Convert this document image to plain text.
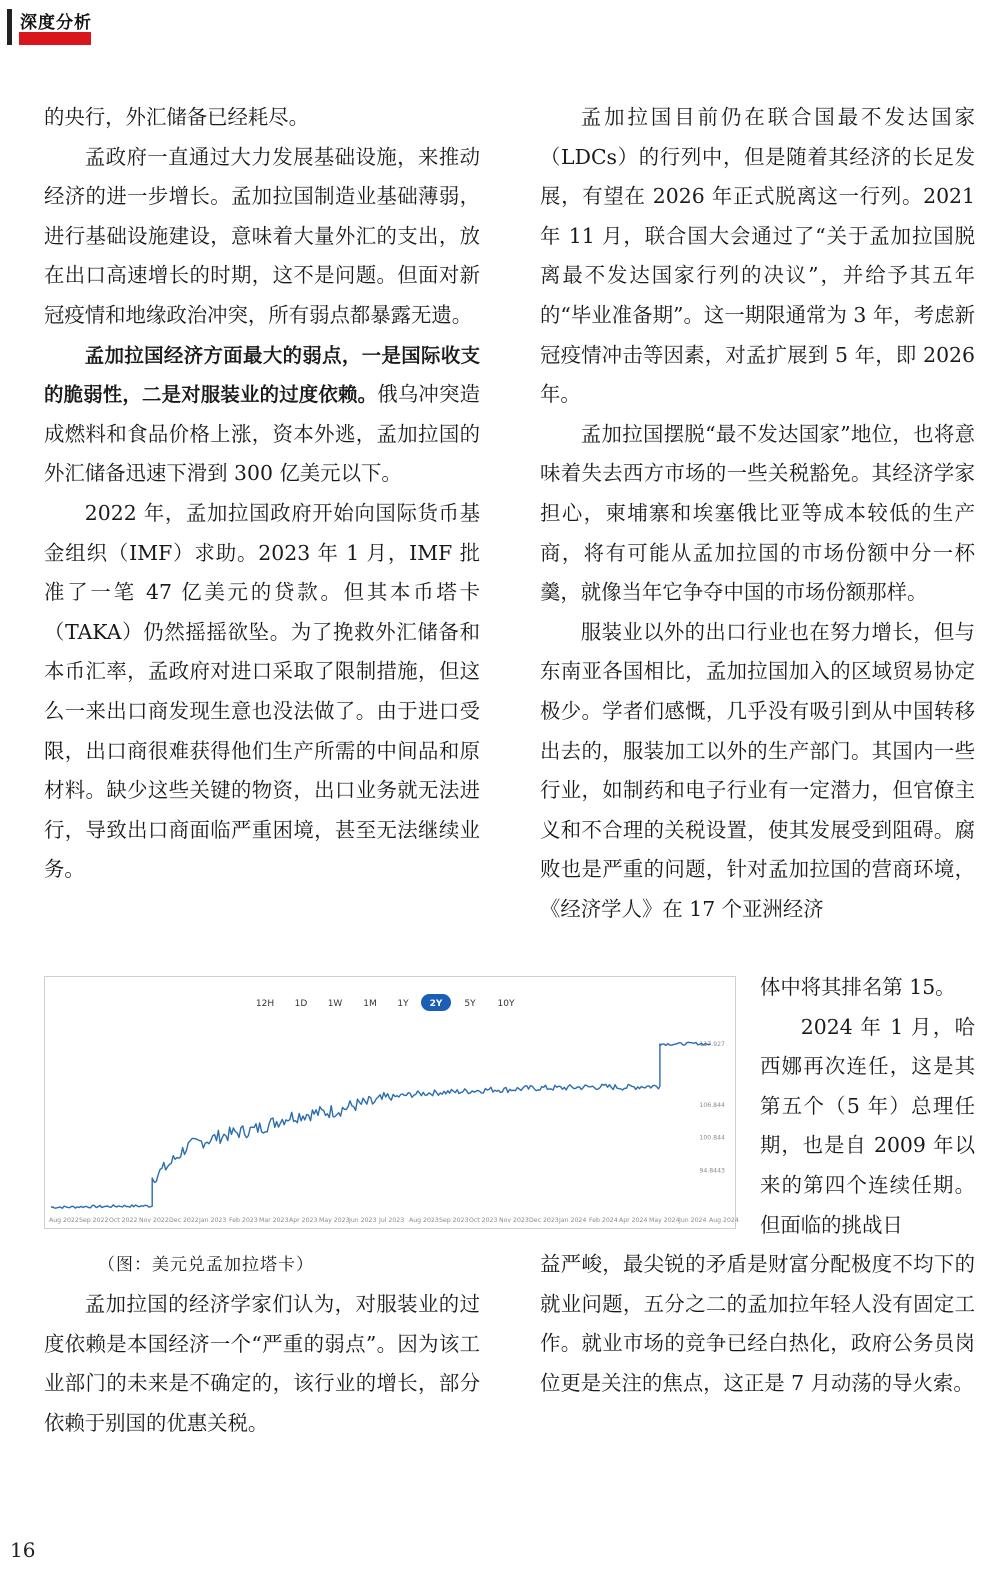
深度分析

的央行，外汇储备已经耗尽。

孟政府一直通过大力发展基础设施，来推动经济的进一步增长。孟加拉国制造业基础薄弱，进行基础设施建设，意味着大量外汇的支出，放在出口高速增长的时期，这不是问题。但面对新冠疫情和地缘政治冲突，所有弱点都暴露无遗。

孟加拉国经济方面最大的弱点，一是国际收支的脆弱性，二是对服装业的过度依赖。俄乌冲突造成燃料和食品价格上涨，资本外逃，孟加拉国的外汇储备迅速下滑到 300 亿美元以下。

2022 年，孟加拉国政府开始向国际货币基金组织（IMF）求助。2023 年 1 月，IMF 批准了一笔 47 亿美元的贷款。但其本币塔卡（TAKA）仍然摇摇欲坠。为了挽救外汇储备和本币汇率，孟政府对进口采取了限制措施，但这么一来出口商发现生意也没法做了。由于进口受限，出口商很难获得他们生产所需的中间品和原材料。缺少这些关键的物资，出口业务就无法进行，导致出口商面临严重困境，甚至无法继续业务。

12H 1D 1W 1M 1Y 2Y 5Y 10Y
117.927
106.844
100.844
94.8443
Aug 2022 Sep 2022 Oct 2022 Nov 2022 Dec 2022 Jan 2023 Feb 2023 Mar 2023 Apr 2023 May 2023 Jun 2023 Jul 2023 Aug 2023 Sep 2023 Oct 2023 Nov 2023 Dec 2023 Jan 2024 Feb 2024 Apr 2024 May 2024 Jun 2024 Aug 2024
（图：美元兑孟加拉塔卡）

孟加拉国的经济学家们认为，对服装业的过度依赖是本国经济一个“严重的弱点”。因为该工业部门的未来是不确定的，该行业的增长，部分依赖于别国的优惠关税。

孟加拉国目前仍在联合国最不发达国家（LDCs）的行列中，但是随着其经济的长足发展，有望在 2026 年正式脱离这一行列。2021 年 11 月，联合国大会通过了“关于孟加拉国脱离最不发达国家行列的决议”，并给予其五年的“毕业准备期”。这一期限通常为 3 年，考虑新冠疫情冲击等因素，对孟扩展到 5 年，即 2026 年。

孟加拉国摆脱“最不发达国家”地位，也将意味着失去西方市场的一些关税豁免。其经济学家担心，柬埔寨和埃塞俄比亚等成本较低的生产商，将有可能从孟加拉国的市场份额中分一杯羹，就像当年它争夺中国的市场份额那样。

服装业以外的出口行业也在努力增长，但与东南亚各国相比，孟加拉国加入的区域贸易协定极少。学者们感慨，几乎没有吸引到从中国转移出去的，服装加工以外的生产部门。其国内一些行业，如制药和电子行业有一定潜力，但官僚主义和不合理的关税设置，使其发展受到阻碍。腐败也是严重的问题，针对孟加拉国的营商环境，《经济学人》在 17 个亚洲经济

体中将其排名第 15。

2024 年 1 月，哈西娜再次连任，这是其第五个（5 年）总理任期，也是自 2009 年以来的第四个连续任期。但面临的挑战日

益严峻，最尖锐的矛盾是财富分配极度不均下的就业问题，五分之二的孟加拉年轻人没有固定工作。就业市场的竞争已经白热化，政府公务员岗位更是关注的焦点，这正是 7 月动荡的导火索。

16
